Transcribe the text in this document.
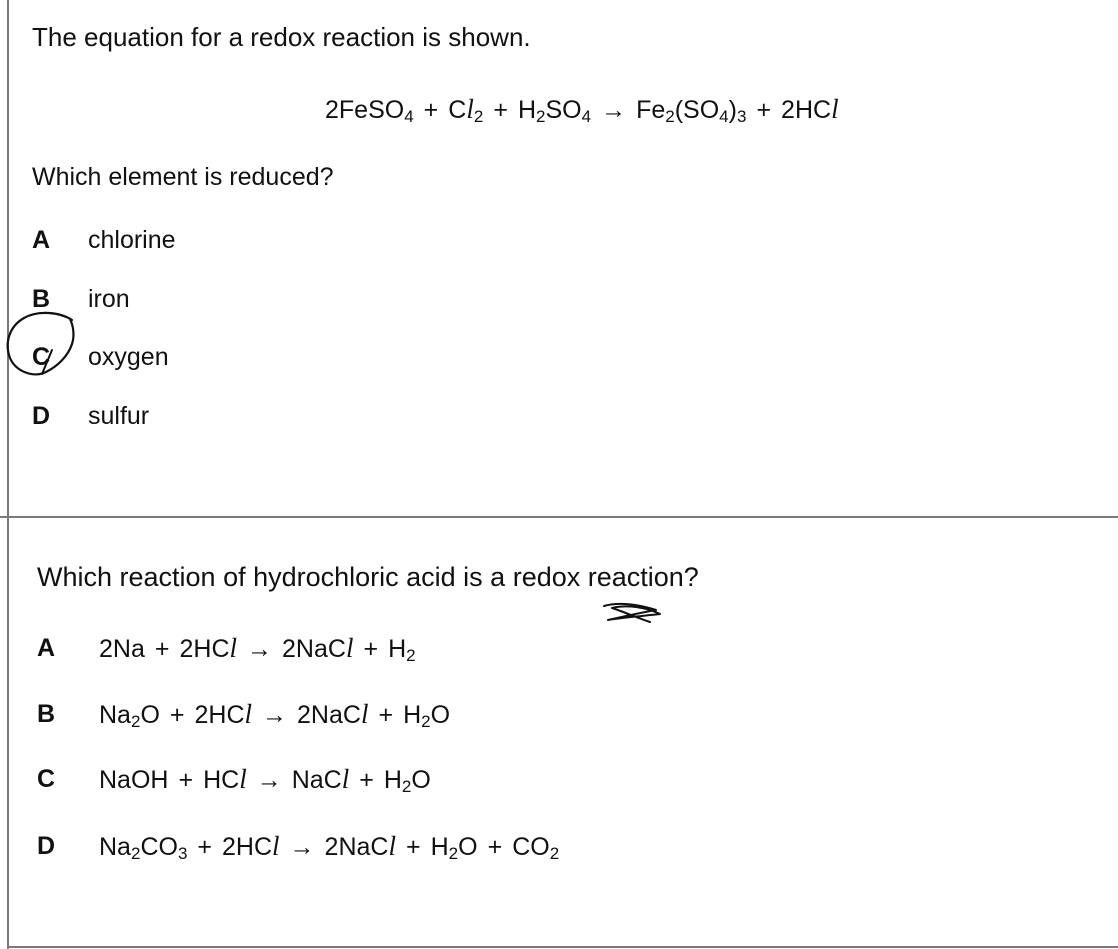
The equation for a redox reaction is shown.
2FeSO$_4$ + $Cl_2 + H_2SO_4 \to Fe_2(SO_4)_3 + 2HCl$
Which element is reduced?
A chlorine
B iron
C oxygen
D sulfur
Which reaction of hydrochloric acid is a redox reaction?
A 2Na + 2HCl → 2NaCl + $H_2$
B $Na_2O + 2HCl$ → 2NaCl + $H_2O$
C NaOH + HCl → NaCl + $H_2O$
D $Na_2CO_3 + 2HCl$ → 2NaCl + $H_2O + CO_2$
